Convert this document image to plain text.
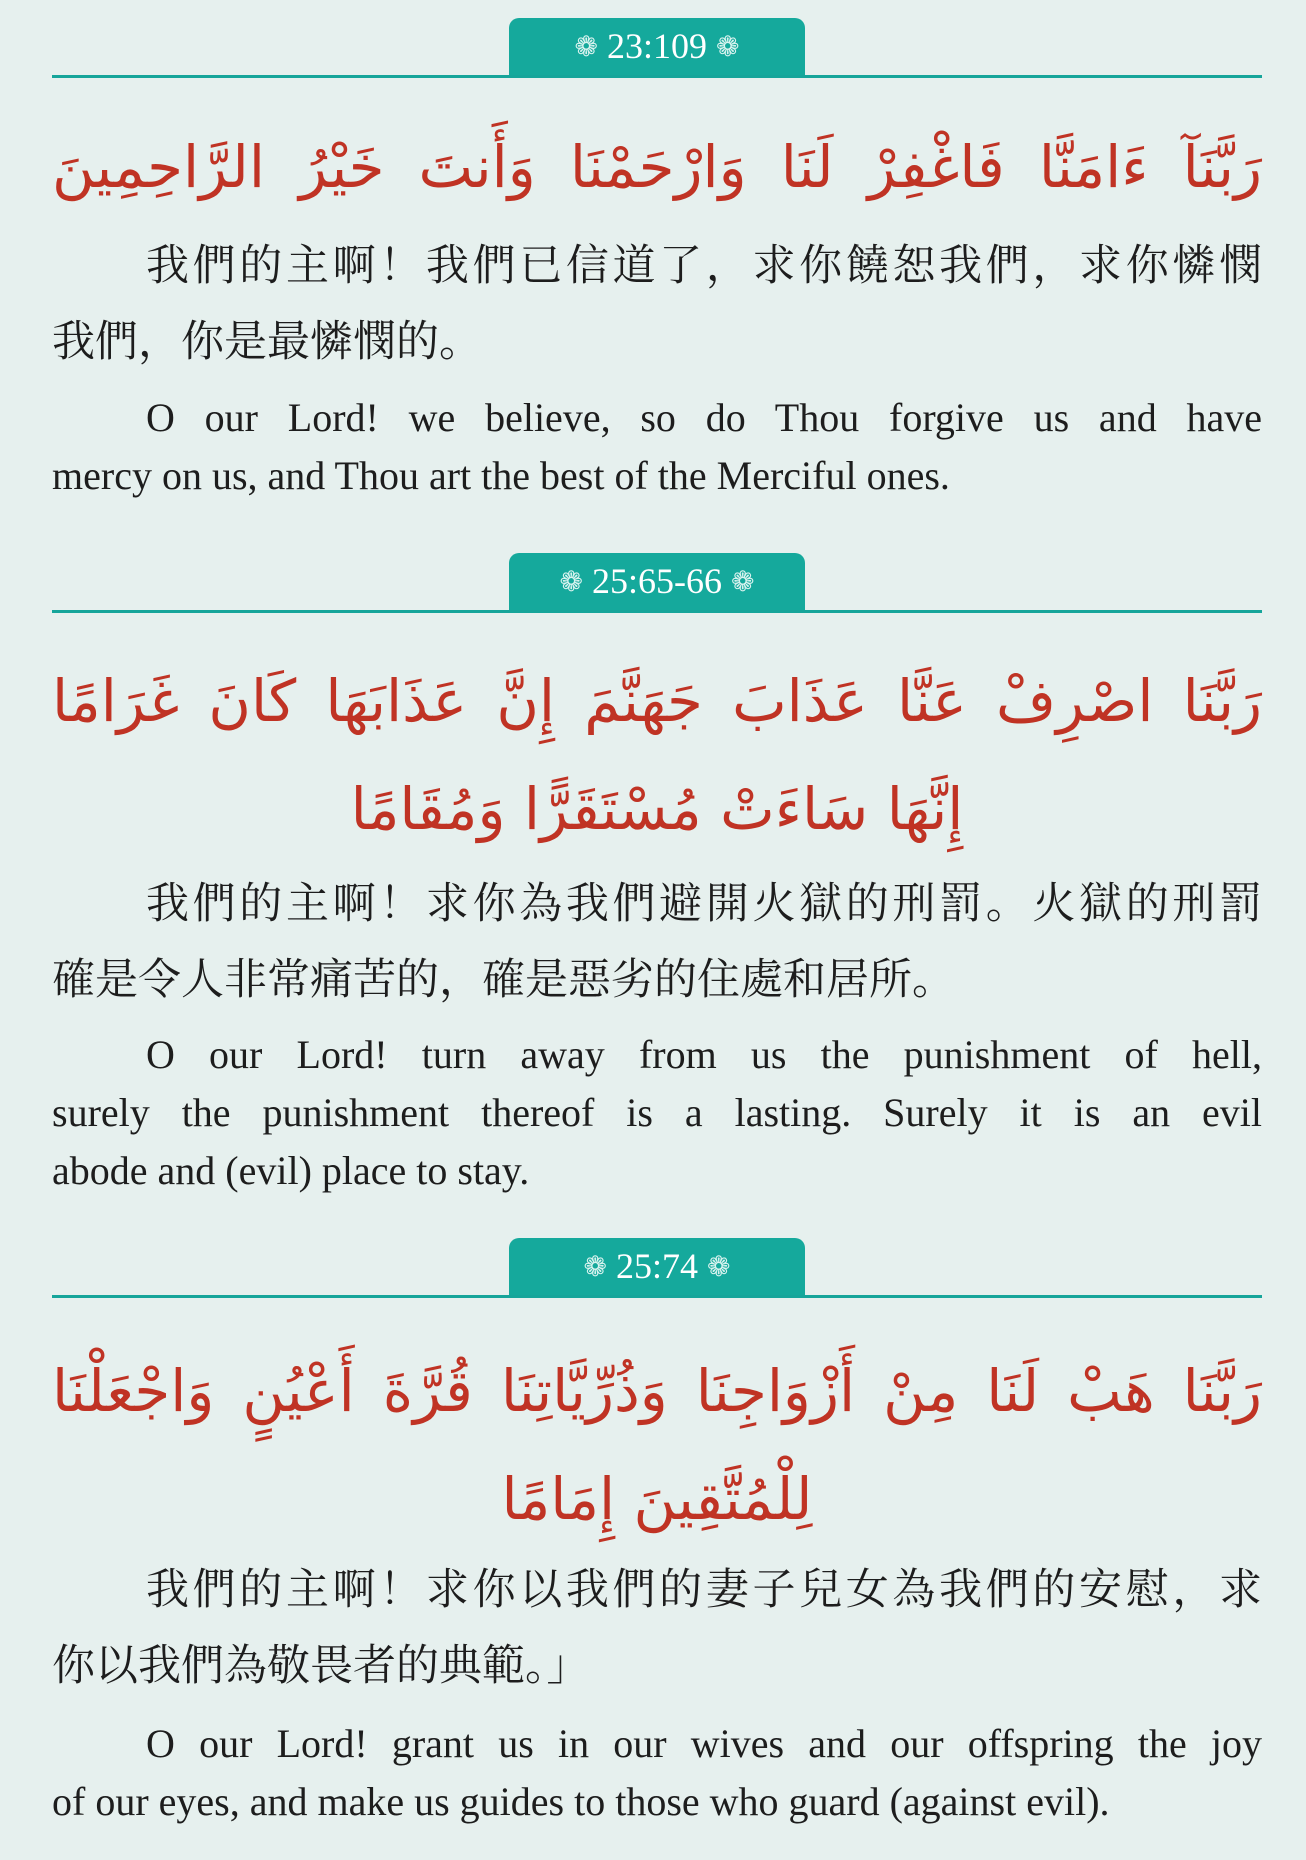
❁ 23:109 ❁
رَبَّنَآ ءَامَنَّا فَاغْفِرْ لَنَا وَارْحَمْنَا وَأَنتَ خَيْرُ الرَّاحِمِينَ
我們的主啊！我們已信道了，求你饒恕我們，求你憐憫
我們，你是最憐憫的。
O our Lord! we believe, so do Thou forgive us and have
mercy on us, and Thou art the best of the Merciful ones.
❁ 25:65-66 ❁
رَبَّنَا اصْرِفْ عَنَّا عَذَابَ جَهَنَّمَ إِنَّ عَذَابَهَا كَانَ غَرَامًا
إِنَّهَا سَاءَتْ مُسْتَقَرًّا وَمُقَامًا
我們的主啊！求你為我們避開火獄的刑罰。火獄的刑罰
確是令人非常痛苦的，確是惡劣的住處和居所。
O our Lord! turn away from us the punishment of hell,
surely the punishment thereof is a lasting. Surely it is an evil
abode and (evil) place to stay.
❁ 25:74 ❁
رَبَّنَا هَبْ لَنَا مِنْ أَزْوَاجِنَا وَذُرِّيَّاتِنَا قُرَّةَ أَعْيُنٍ وَاجْعَلْنَا
لِلْمُتَّقِينَ إِمَامًا
我們的主啊！求你以我們的妻子兒女為我們的安慰，求
你以我們為敬畏者的典範。」
O our Lord! grant us in our wives and our offspring the joy
of our eyes, and make us guides to those who guard (against evil).
